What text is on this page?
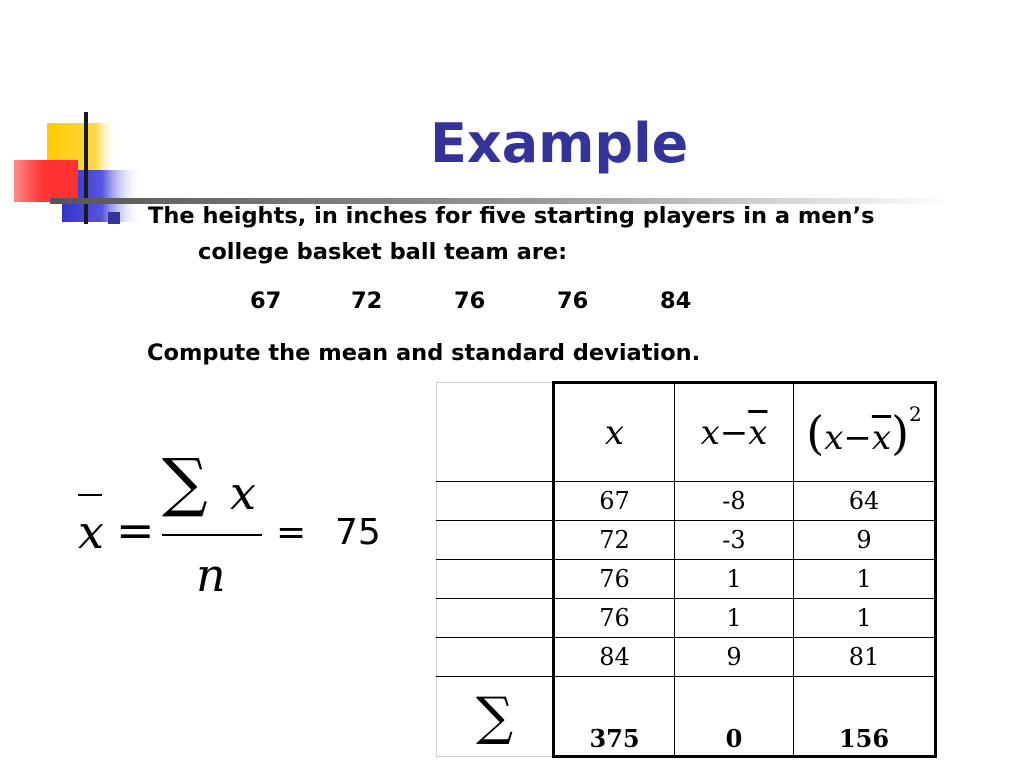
Example
The heights, in inches for five starting players in a men’s
college basket ball team are:
67	72	76	76	84
Compute the mean and standard deviation.
x =
∑ x
n
= 75
	x	$x-\overline{x}$	$(x-\overline{x})^2$
	67	-8	64
	72	-3	9
	76	1	1
	76	1	1
	84	9	81
∑	375	0	156
